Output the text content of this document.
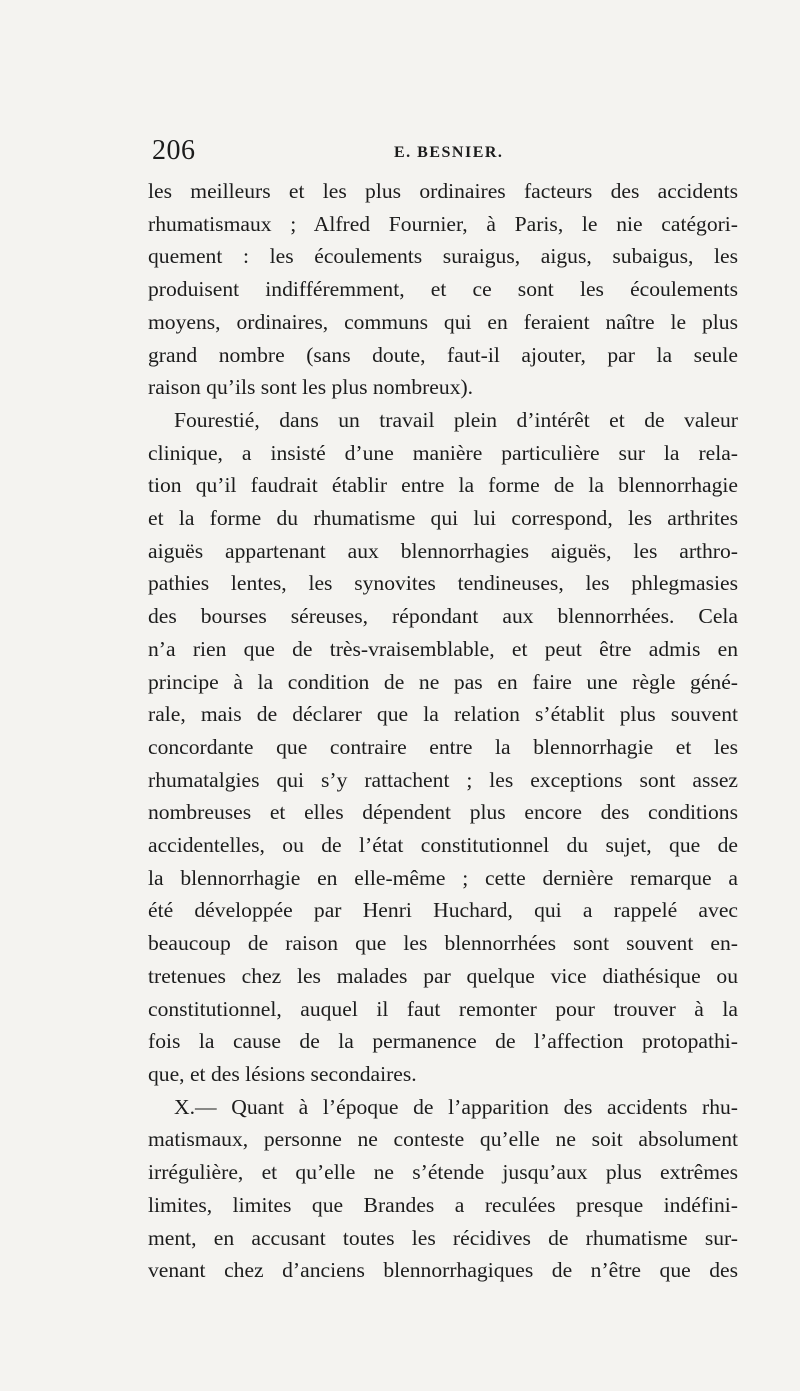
206	E. BESNIER.
les meilleurs et les plus ordinaires facteurs des accidents
rhumatismaux ; Alfred Fournier, à Paris, le nie catégori-
quement : les écoulements suraigus, aigus, subaigus, les
produisent indifféremment, et ce sont les écoulements
moyens, ordinaires, communs qui en feraient naître le plus
grand nombre (sans doute, faut-il ajouter, par la seule
raison qu’ils sont les plus nombreux).
Fourestié, dans un travail plein d’intérêt et de valeur
clinique, a insisté d’une manière particulière sur la rela-
tion qu’il faudrait établir entre la forme de la blennorrhagie
et la forme du rhumatisme qui lui correspond, les arthrites
aiguës appartenant aux blennorrhagies aiguës, les arthro-
pathies lentes, les synovites tendineuses, les phlegmasies
des bourses séreuses, répondant aux blennorrhées. Cela
n’a rien que de très-vraisemblable, et peut être admis en
principe à la condition de ne pas en faire une règle géné-
rale, mais de déclarer que la relation s’établit plus souvent
concordante que contraire entre la blennorrhagie et les
rhumatalgies qui s’y rattachent ; les exceptions sont assez
nombreuses et elles dépendent plus encore des conditions
accidentelles, ou de l’état constitutionnel du sujet, que de
la blennorrhagie en elle-même ; cette dernière remarque a
été développée par Henri Huchard, qui a rappelé avec
beaucoup de raison que les blennorrhées sont souvent en-
tretenues chez les malades par quelque vice diathésique ou
constitutionnel, auquel il faut remonter pour trouver à la
fois la cause de la permanence de l’affection protopathi-
que, et des lésions secondaires.
X.— Quant à l’époque de l’apparition des accidents rhu-
matismaux, personne ne conteste qu’elle ne soit absolument
irrégulière, et qu’elle ne s’étende jusqu’aux plus extrêmes
limites, limites que Brandes a reculées presque indéfini-
ment, en accusant toutes les récidives de rhumatisme sur-
venant chez d’anciens blennorrhagiques de n’être que des
